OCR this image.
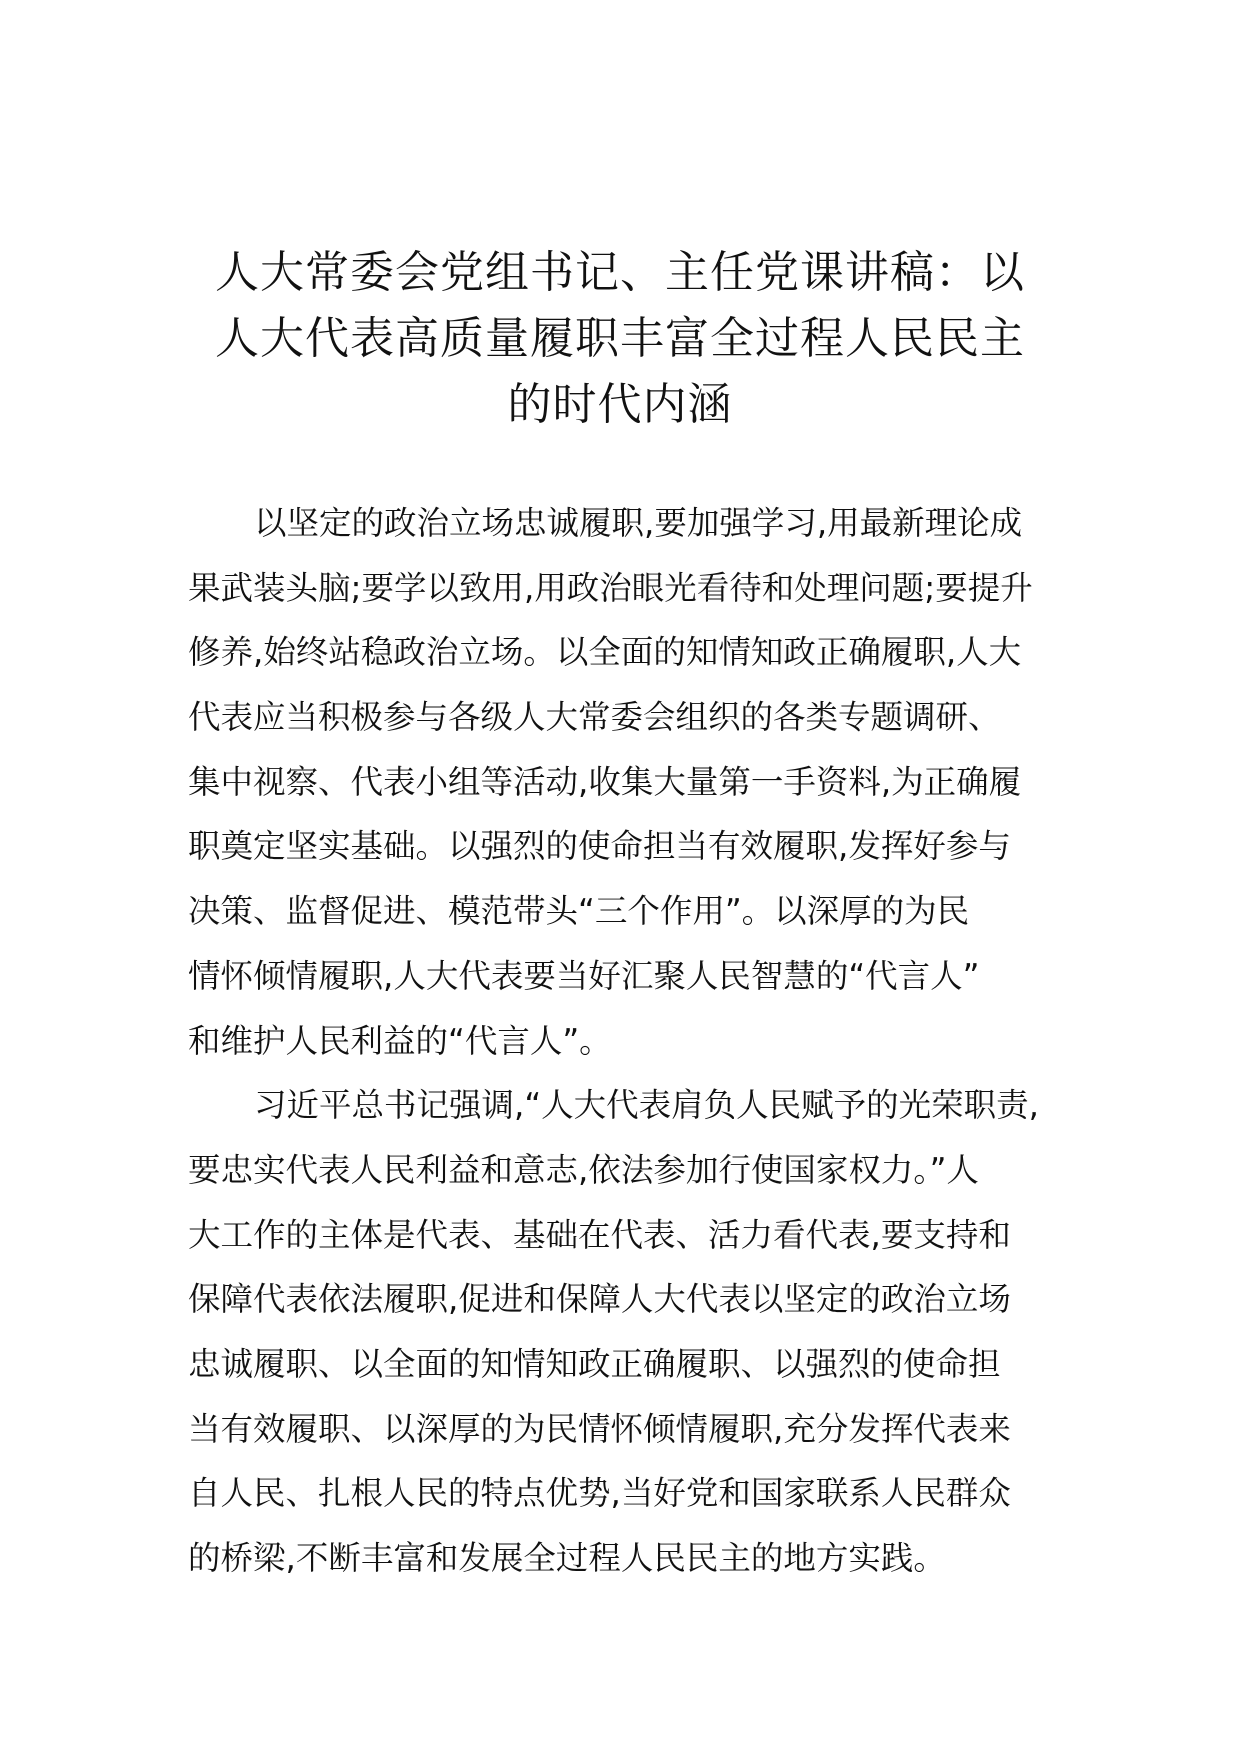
人大常委会党组书记、主任党课讲稿：以
人大代表高质量履职丰富全过程人民民主
的时代内涵

以坚定的政治立场忠诚履职,要加强学习,用最新理论成
果武装头脑;要学以致用,用政治眼光看待和处理问题;要提升
修养,始终站稳政治立场。以全面的知情知政正确履职,人大
代表应当积极参与各级人大常委会组织的各类专题调研、
集中视察、代表小组等活动,收集大量第一手资料,为正确履
职奠定坚实基础。以强烈的使命担当有效履职,发挥好参与
决策、监督促进、模范带头“三个作用”。以深厚的为民
情怀倾情履职,人大代表要当好汇聚人民智慧的“代言人”
和维护人民利益的“代言人”。

习近平总书记强调,“人大代表肩负人民赋予的光荣职责,
要忠实代表人民利益和意志,依法参加行使国家权力。”人
大工作的主体是代表、基础在代表、活力看代表,要支持和
保障代表依法履职,促进和保障人大代表以坚定的政治立场
忠诚履职、以全面的知情知政正确履职、以强烈的使命担
当有效履职、以深厚的为民情怀倾情履职,充分发挥代表来
自人民、扎根人民的特点优势,当好党和国家联系人民群众
的桥梁,不断丰富和发展全过程人民民主的地方实践。
